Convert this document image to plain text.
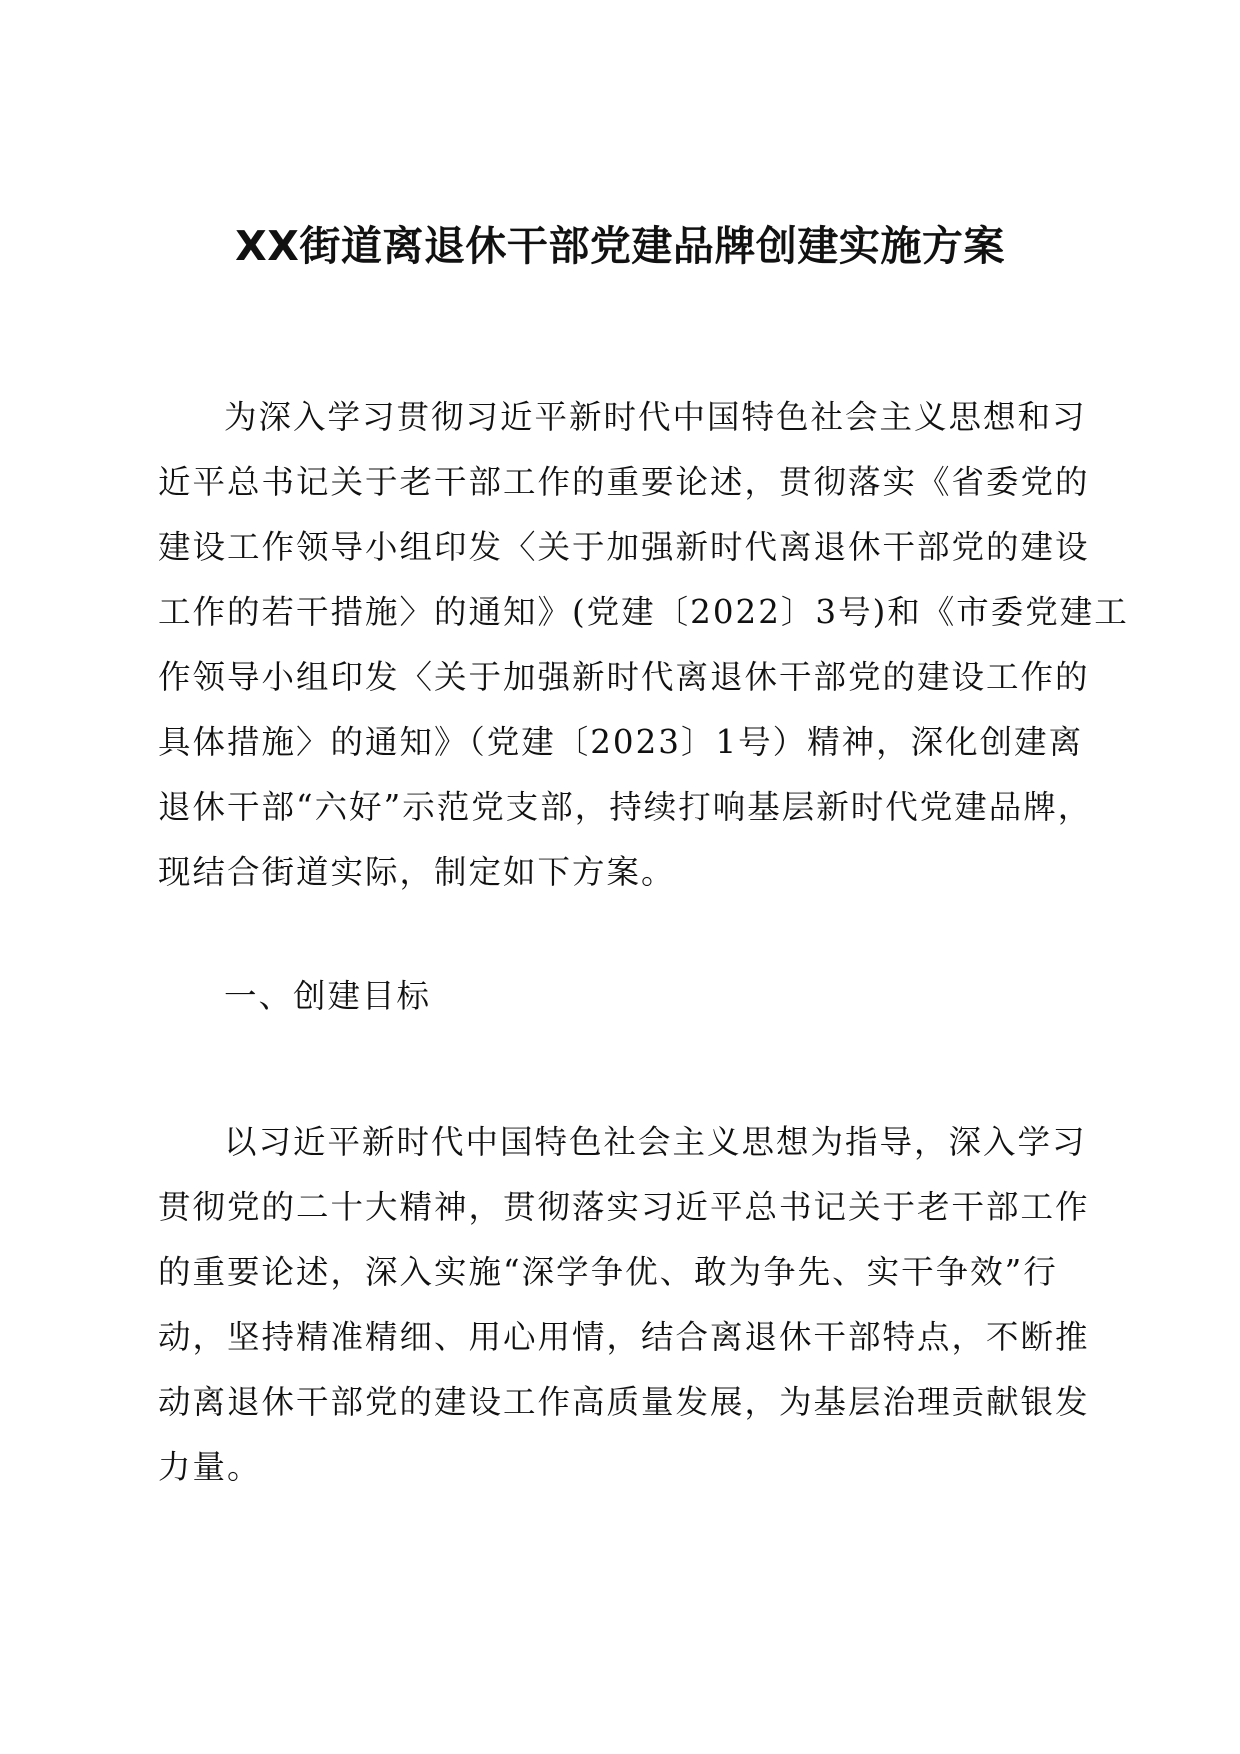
XX街道离退休干部党建品牌创建实施方案
为深入学习贯彻习近平新时代中国特色社会主义思想和习
近平总书记关于老干部工作的重要论述，贯彻落实《省委党的
建设工作领导小组印发〈关于加强新时代离退休干部党的建设
工作的若干措施〉的通知》(党建〔2022〕3号)和《市委党建工
作领导小组印发〈关于加强新时代离退休干部党的建设工作的
具体措施〉的通知》（党建〔2023〕1号）精神，深化创建离
退休干部“六好”示范党支部，持续打响基层新时代党建品牌，
现结合街道实际，制定如下方案。
一、创建目标
以习近平新时代中国特色社会主义思想为指导，深入学习
贯彻党的二十大精神，贯彻落实习近平总书记关于老干部工作
的重要论述，深入实施“深学争优、敢为争先、实干争效”行
动，坚持精准精细、用心用情，结合离退休干部特点，不断推
动离退休干部党的建设工作高质量发展，为基层治理贡献银发
力量。
